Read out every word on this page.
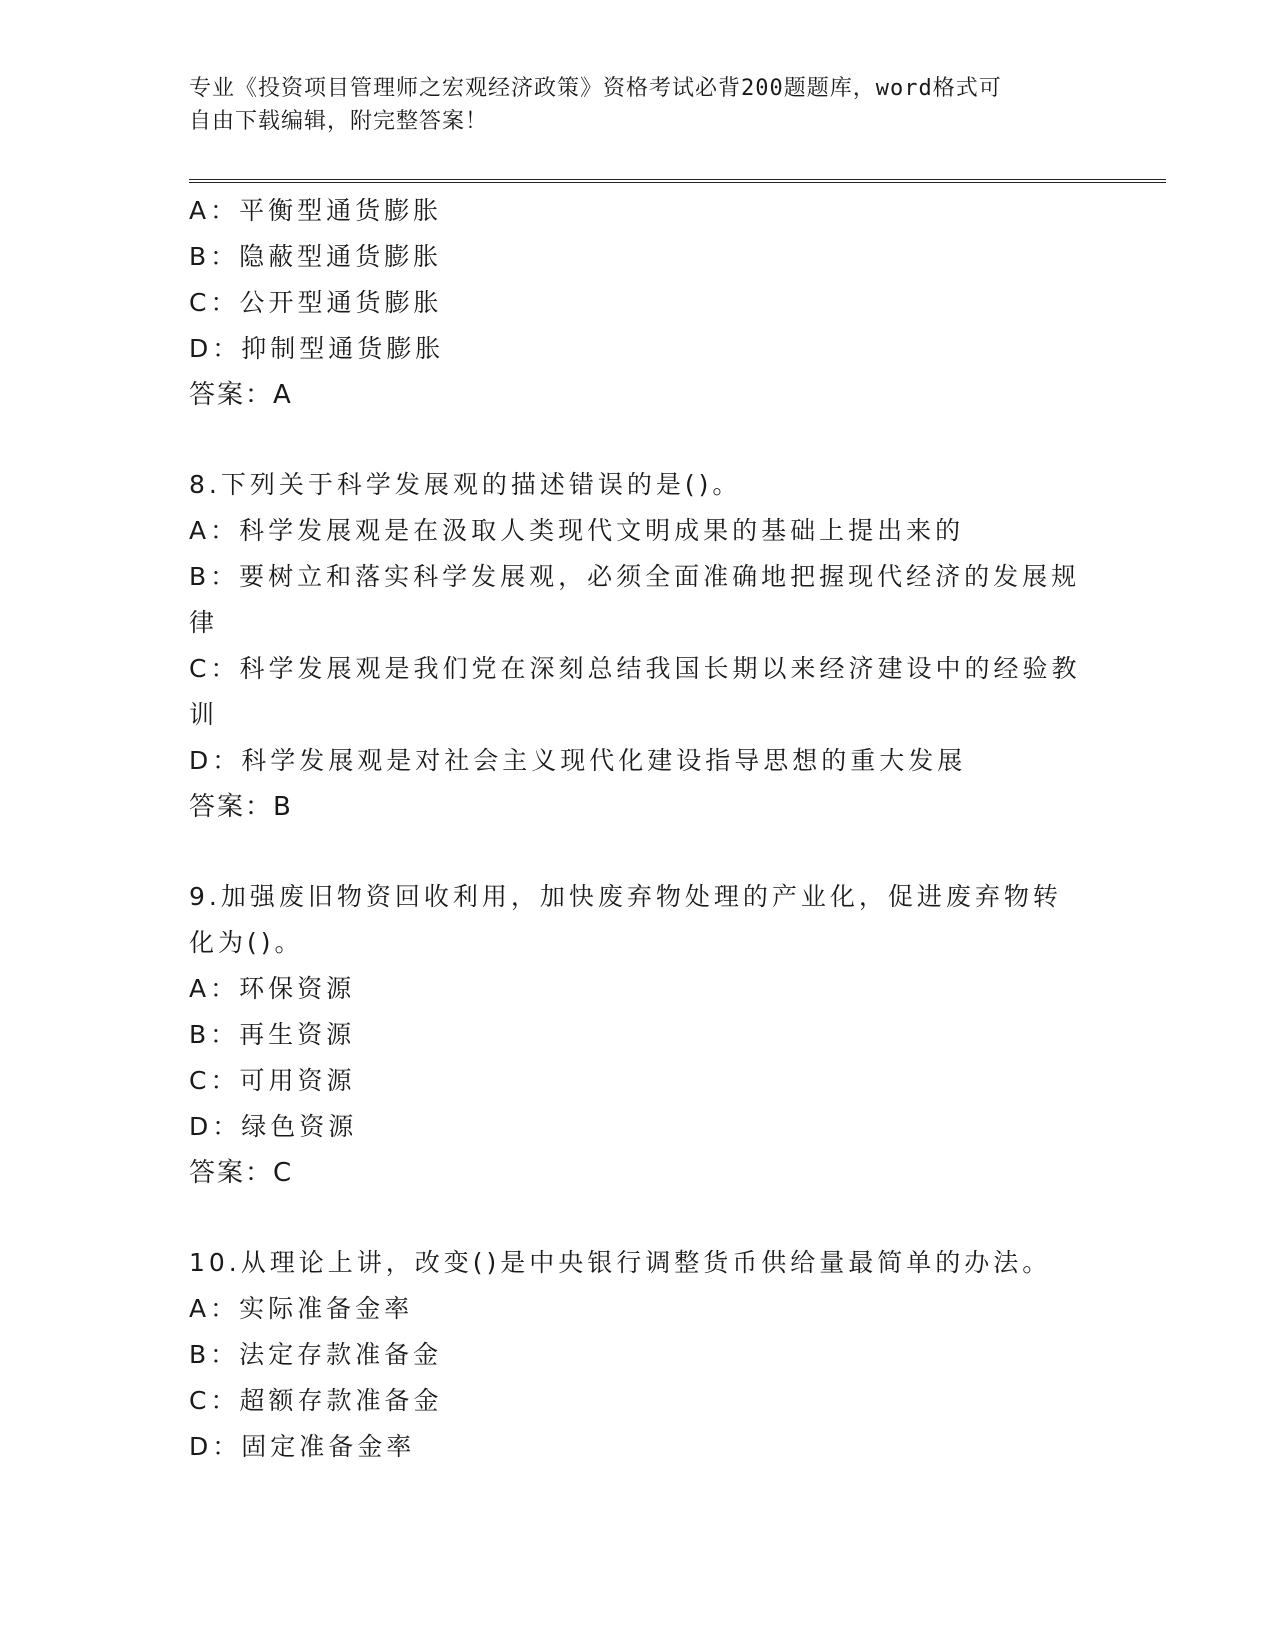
专业《投资项目管理师之宏观经济政策》资格考试必背200题题库，word格式可
自由下载编辑，附完整答案！
A：平衡型通货膨胀
B：隐蔽型通货膨胀
C：公开型通货膨胀
D：抑制型通货膨胀
答案：A
8.下列关于科学发展观的描述错误的是()。
A：科学发展观是在汲取人类现代文明成果的基础上提出来的
B：要树立和落实科学发展观，必须全面准确地把握现代经济的发展规
律
C：科学发展观是我们党在深刻总结我国长期以来经济建设中的经验教
训
D：科学发展观是对社会主义现代化建设指导思想的重大发展
答案：B
9.加强废旧物资回收利用，加快废弃物处理的产业化，促进废弃物转
化为()。
A：环保资源
B：再生资源
C：可用资源
D：绿色资源
答案：C
10.从理论上讲，改变()是中央银行调整货币供给量最简单的办法。
A：实际准备金率
B：法定存款准备金
C：超额存款准备金
D：固定准备金率
